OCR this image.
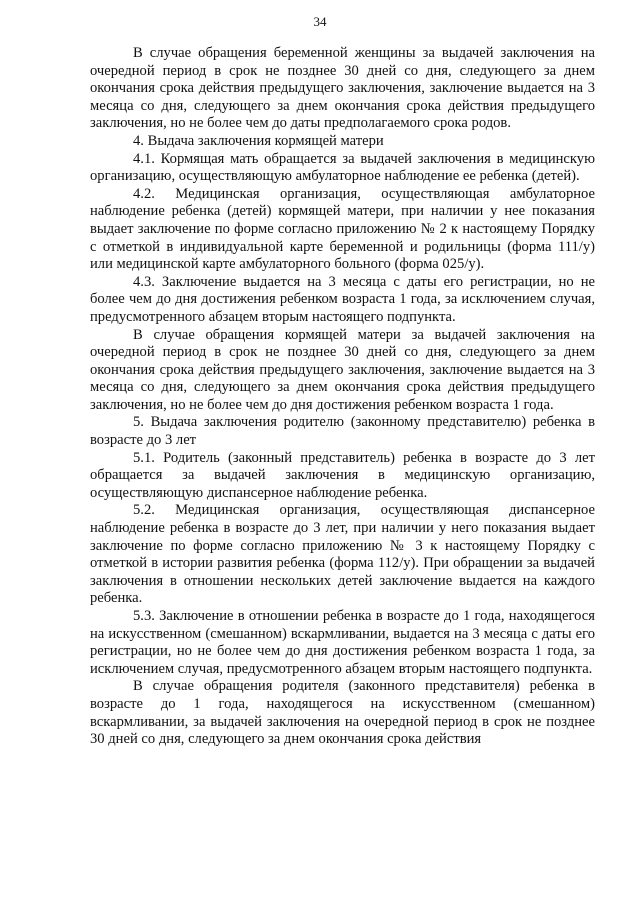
34

В случае обращения беременной женщины за выдачей заключения на очередной период в срок не позднее 30 дней со дня, следующего за днем окончания срока действия предыдущего заключения, заключение выдается на 3 месяца со дня, следующего за днем окончания срока действия предыдущего заключения, но не более чем до даты предполагаемого срока родов.

4. Выдача заключения кормящей матери

4.1. Кормящая мать обращается за выдачей заключения в медицинскую организацию, осуществляющую амбулаторное наблюдение ее ребенка (детей).

4.2. Медицинская организация, осуществляющая амбулаторное наблюдение ребенка (детей) кормящей матери, при наличии у нее показания выдает заключение по форме согласно приложению № 2 к настоящему Порядку с отметкой в индивидуальной карте беременной и родильницы (форма 111/у) или медицинской карте амбулаторного больного (форма 025/у).

4.3. Заключение выдается на 3 месяца с даты его регистрации, но не более чем до дня достижения ребенком возраста 1 года, за исключением случая, предусмотренного абзацем вторым настоящего подпункта.

В случае обращения кормящей матери за выдачей заключения на очередной период в срок не позднее 30 дней со дня, следующего за днем окончания срока действия предыдущего заключения, заключение выдается на 3 месяца со дня, следующего за днем окончания срока действия предыдущего заключения, но не более чем до дня достижения ребенком возраста 1 года.

5. Выдача заключения родителю (законному представителю) ребенка в возрасте до 3 лет

5.1. Родитель (законный представитель) ребенка в возрасте до 3 лет обращается за выдачей заключения в медицинскую организацию, осуществляющую диспансерное наблюдение ребенка.

5.2. Медицинская организация, осуществляющая диспансерное наблюдение ребенка в возрасте до 3 лет, при наличии у него показания выдает заключение по форме согласно приложению № 3 к настоящему Порядку с отметкой в истории развития ребенка (форма 112/у). При обращении за выдачей заключения в отношении нескольких детей заключение выдается на каждого ребенка.

5.3. Заключение в отношении ребенка в возрасте до 1 года, находящегося на искусственном (смешанном) вскармливании, выдается на 3 месяца с даты его регистрации, но не более чем до дня достижения ребенком возраста 1 года, за исключением случая, предусмотренного абзацем вторым настоящего подпункта.

В случае обращения родителя (законного представителя) ребенка в возрасте до 1 года, находящегося на искусственном (смешанном) вскармливании, за выдачей заключения на очередной период в срок не позднее 30 дней со дня, следующего за днем окончания срока действия
